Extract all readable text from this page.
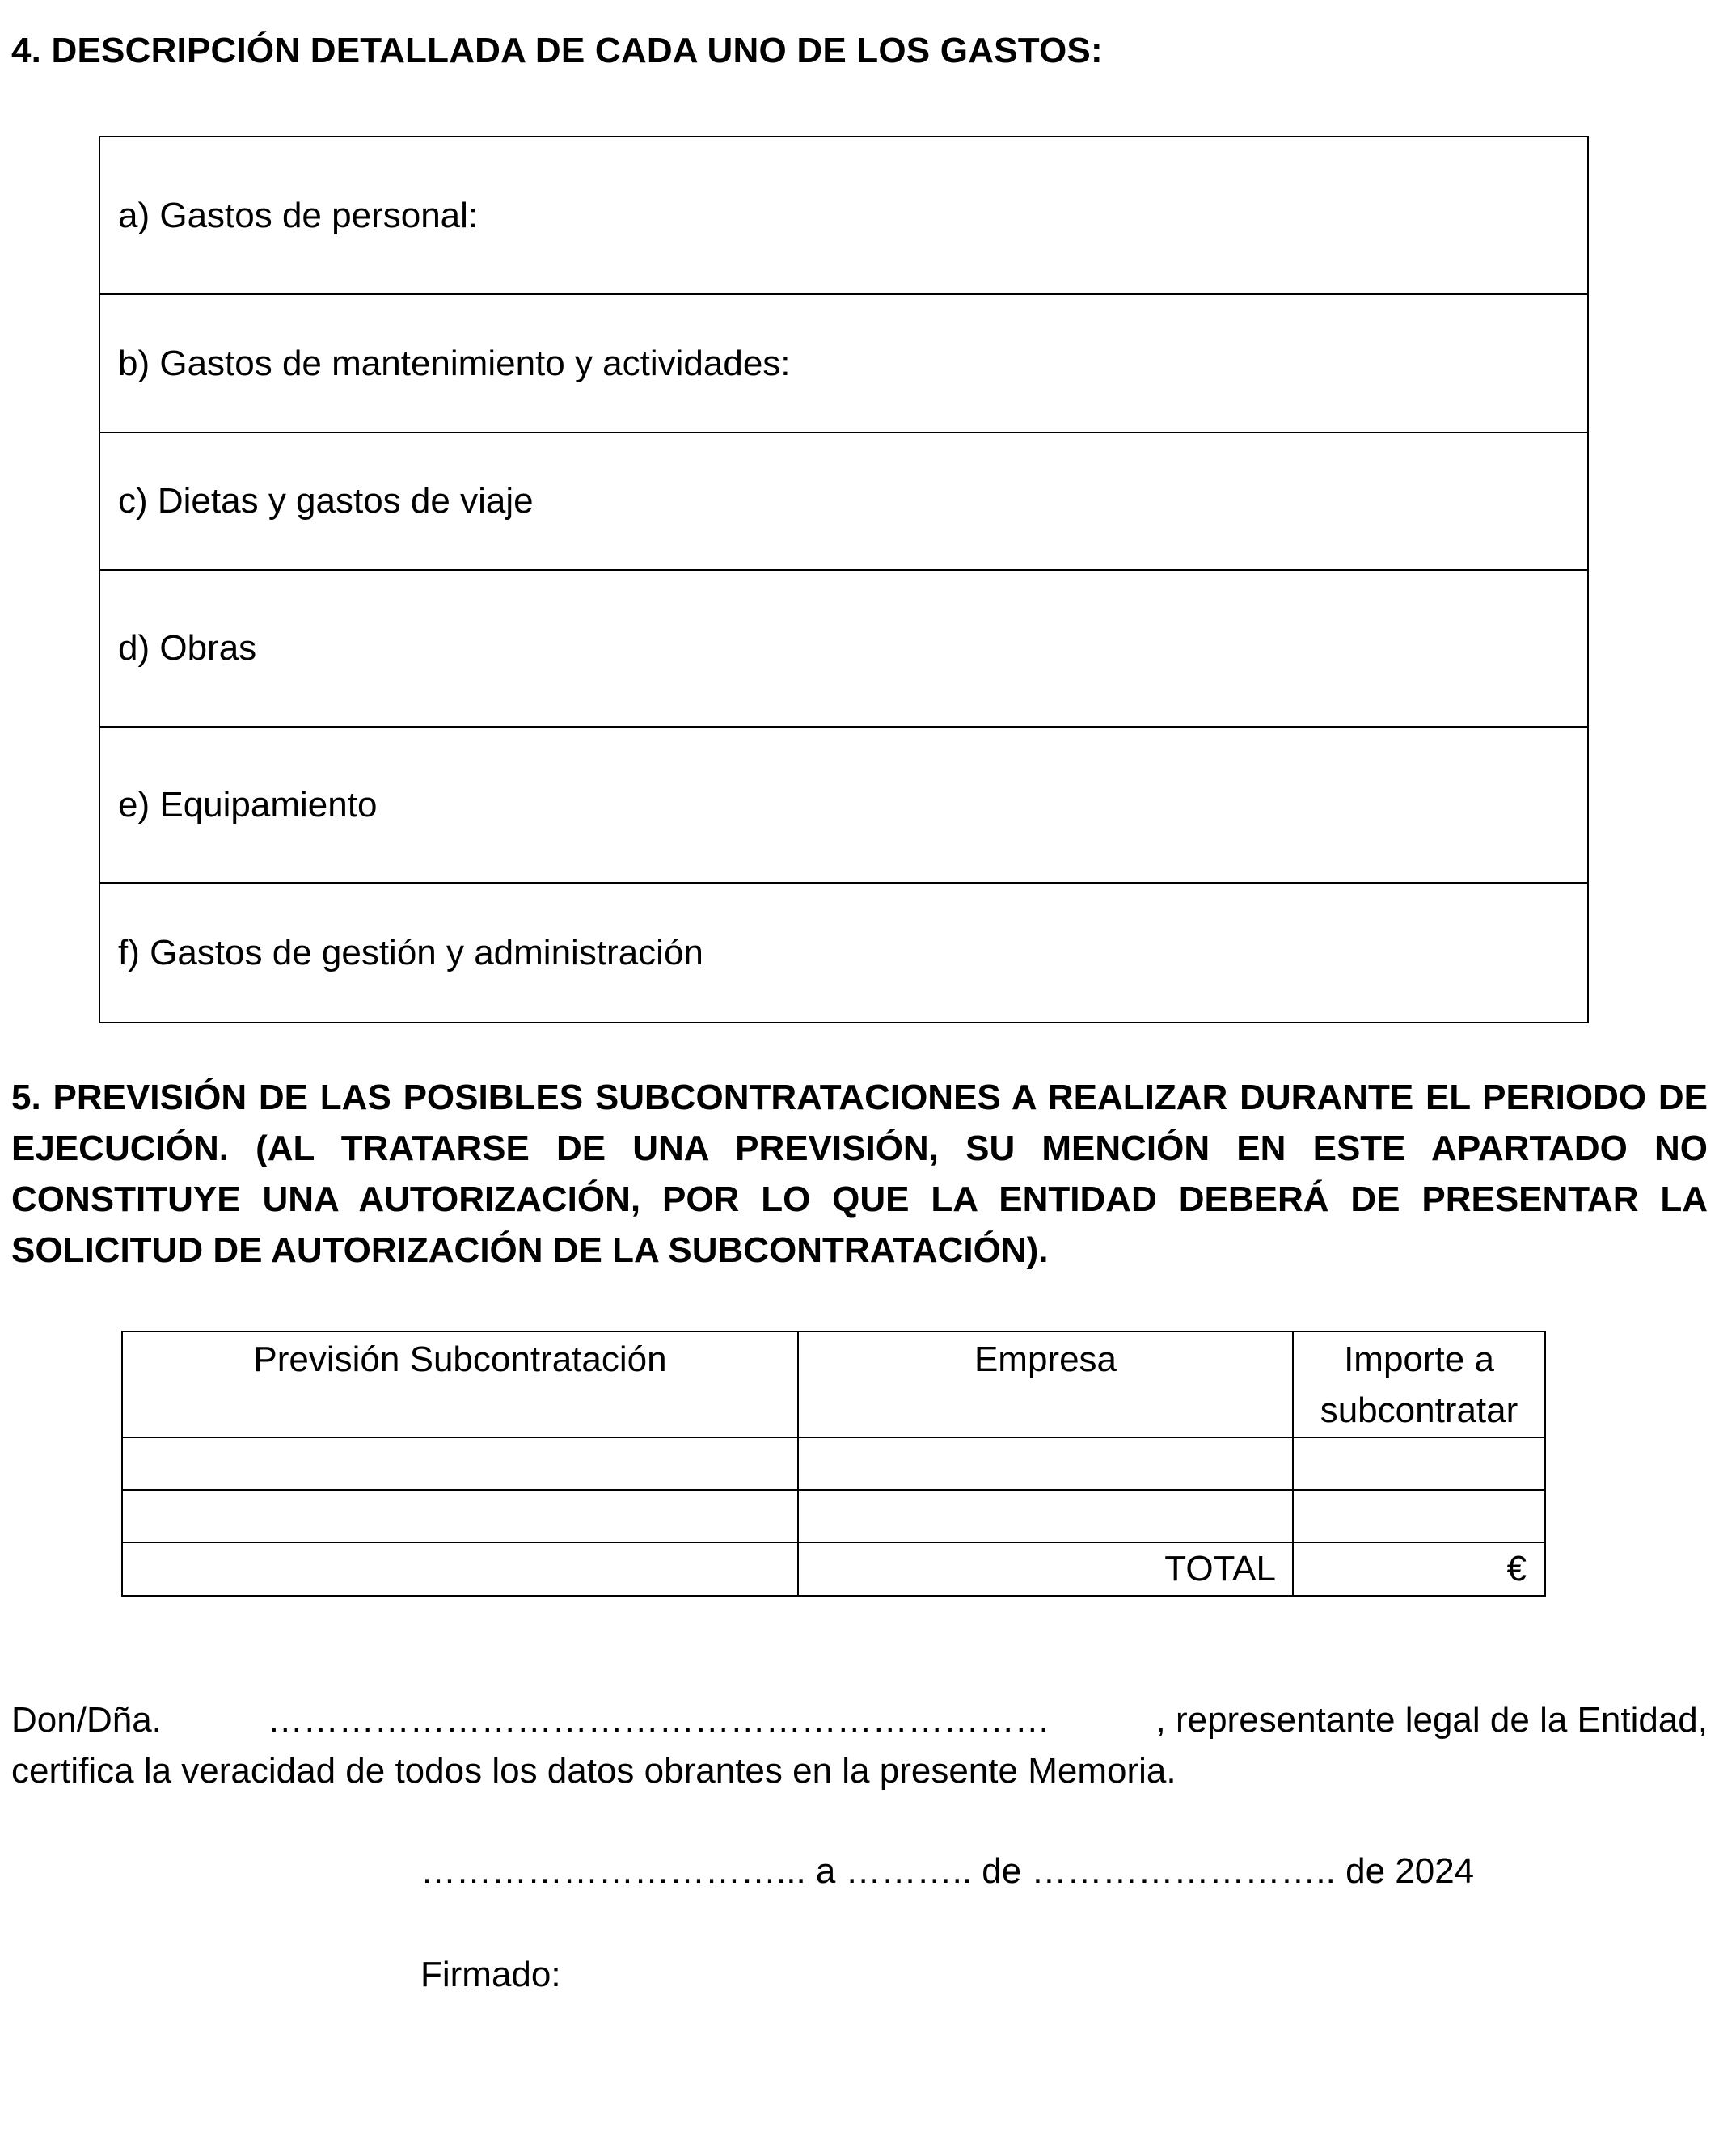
4. DESCRIPCIÓN DETALLADA DE CADA UNO DE LOS GASTOS:
a) Gastos de personal:
b) Gastos de mantenimiento y actividades:
c) Dietas y gastos de viaje
d) Obras
e) Equipamiento
f) Gastos de gestión y administración

5. PREVISIÓN DE LAS POSIBLES SUBCONTRATACIONES A REALIZAR DURANTE EL PERIODO DE EJECUCIÓN. (AL TRATARSE DE UNA PREVISIÓN, SU MENCIÓN EN ESTE APARTADO NO CONSTITUYE UNA AUTORIZACIÓN, POR LO QUE LA ENTIDAD DEBERÁ DE PRESENTAR LA SOLICITUD DE AUTORIZACIÓN DE LA SUBCONTRATACIÓN).

Previsión Subcontratación	Empresa	Importe a subcontratar

	TOTAL	€
Don/Dña.	…………………………………………………………	, representante legal de la Entidad,
certifica la veracidad de todos los datos obrantes en la presente Memoria.
…………………………... a ……….. de …………………….. de 2024
Firmado:
